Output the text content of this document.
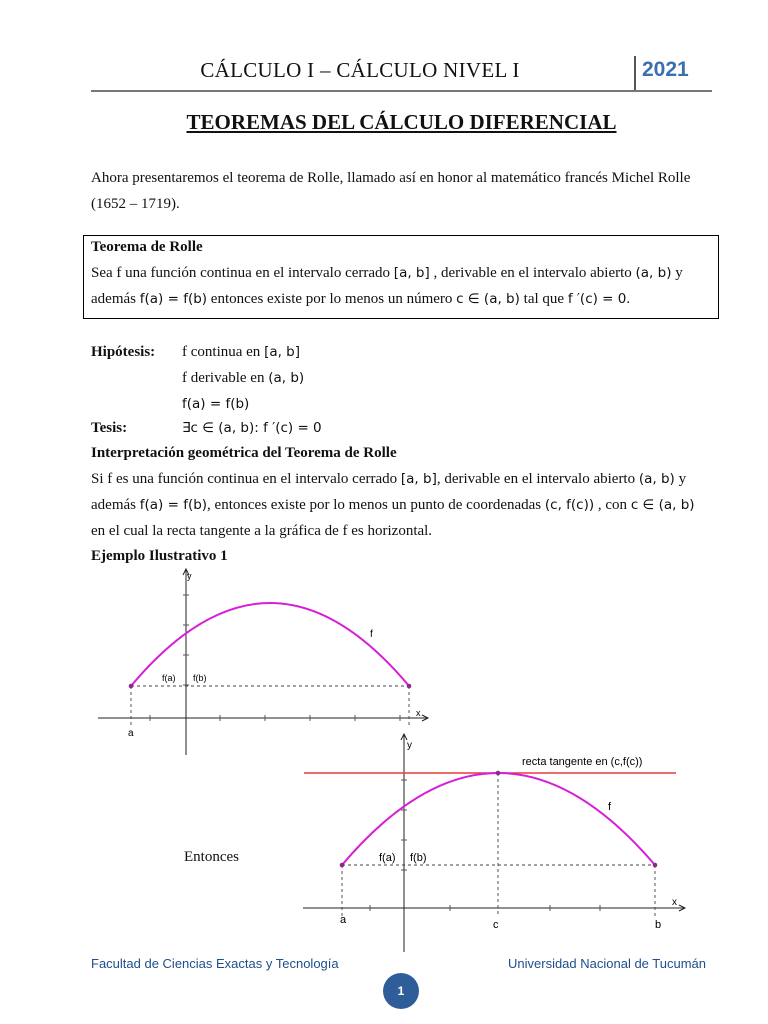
CÁLCULO I – CÁLCULO NIVEL I	2021
TEOREMAS DEL CÁLCULO DIFERENCIAL
Ahora presentaremos el teorema de Rolle, llamado así en honor al matemático francés Michel Rolle
(1652 – 1719).
Teorema de Rolle
Sea f una función continua en el intervalo cerrado [a, b] , derivable en el intervalo abierto (a, b) y
además f(a) = f(b) entonces existe por lo menos un número c ∈ (a, b) tal que f ′(c) = 0.
Hipótesis: f continua en [a, b]
f derivable en (a, b)
f(a) = f(b)
Tesis:	∃c ∈ (a, b): f ′(c) = 0
Interpretación geométrica del Teorema de Rolle
Si f es una función continua en el intervalo cerrado [a, b], derivable en el intervalo abierto (a, b) y
además f(a) = f(b), entonces existe por lo menos un punto de coordenadas (c, f(c)) , con c ∈ (a, b)
en el cual la recta tangente a la gráfica de f es horizontal.
Ejemplo Ilustrativo 1
y
x
f
f(a) f(b)
a
Entonces
y
x
recta tangente en (c,f(c))
f
f(a) f(b)
a	c	b
Facultad de Ciencias Exactas y Tecnología	Universidad Nacional de Tucumán
1
